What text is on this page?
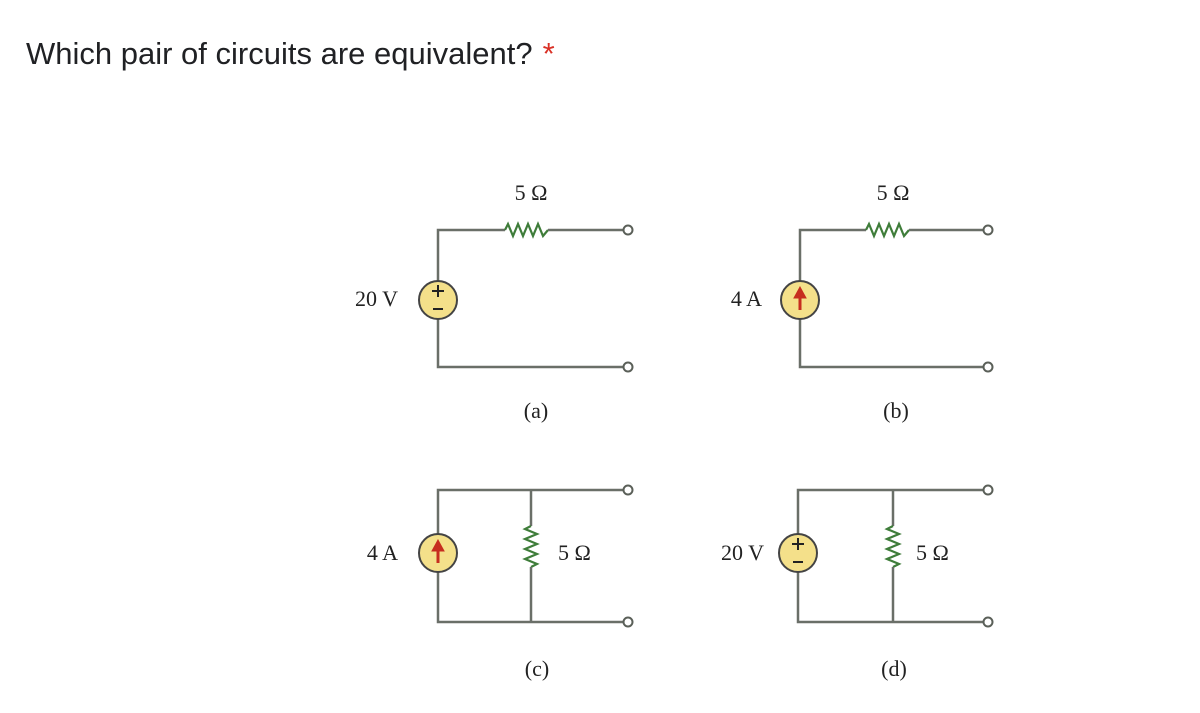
Which pair of circuits are equivalent? *
5 Ω
20 V
(a)
5 Ω
4 A
(b)
5 Ω
4 A
(c)
5 Ω
20 V
(d)
